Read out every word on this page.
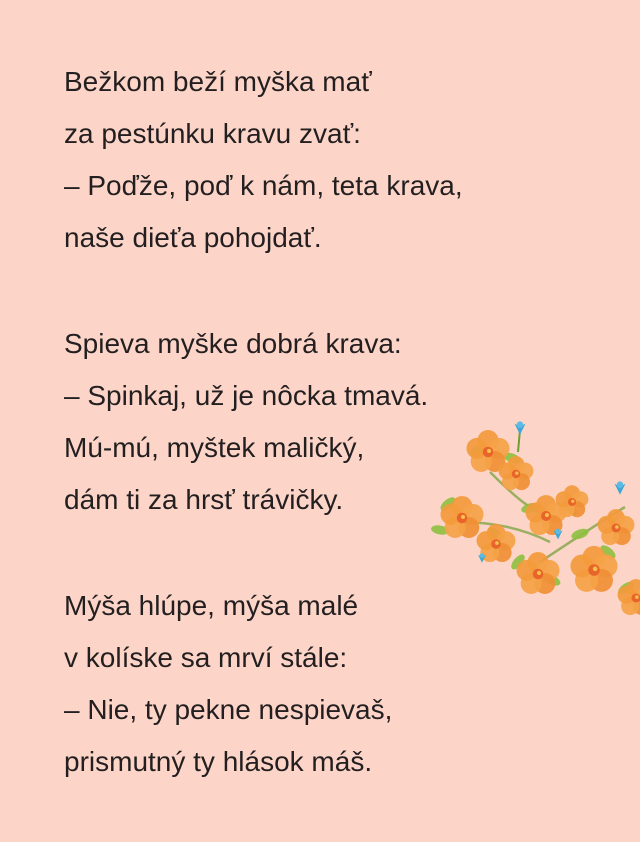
Bežkom beží myška mať
za pestúnku kravu zvať:
– Poďže, poď k nám, teta krava,
naše dieťa pohojdať.
Spieva myške dobrá krava:
– Spinkaj, už je nôcka tmavá.
Mú-mú, myštek maličký,
dám ti za hrsť trávičky.
Mýša hlúpe, mýša malé
v kolíske sa mrví stále:
– Nie, ty pekne nespievaš,
prismutný ty hlások máš.
